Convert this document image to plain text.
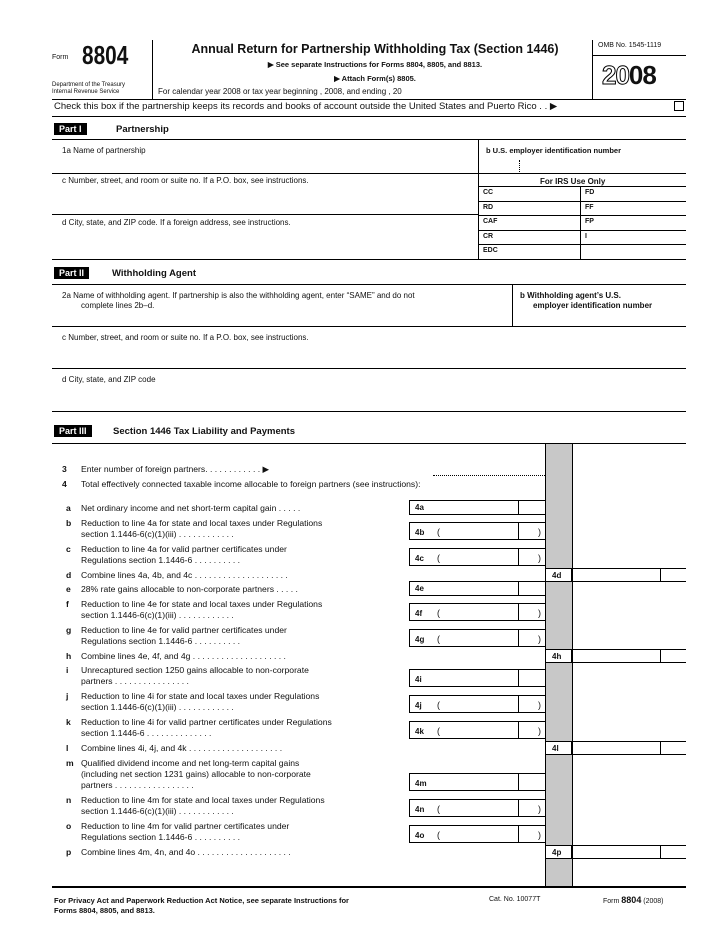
Form 8804
Department of the Treasury
Internal Revenue Service
Annual Return for Partnership Withholding Tax (Section 1446)
▶ See separate Instructions for Forms 8804, 8805, and 8813.
▶ Attach Form(s) 8805.
For calendar year 2008 or tax year beginning , 2008, and ending , 20
OMB No. 1545-1119
2008
Check this box if the partnership keeps its records and books of account outside the United States and Puerto Rico . . ▶
Part I	Partnership
1a Name of partnership	b U.S. employer identification number
c Number, street, and room or suite no. If a P.O. box, see instructions.	For IRS Use Only
d City, state, and ZIP code. If a foreign address, see instructions.
CC	FD
RD	FF
CAF	FP
CR	I
EDC
Part II	Withholding Agent
2a Name of withholding agent. If partnership is also the withholding agent, enter “SAME” and do not
complete lines 2b–d.
b Withholding agent’s U.S.
employer identification number
c Number, street, and room or suite no. If a P.O. box, see instructions.
d City, state, and ZIP code
Part III	Section 1446 Tax Liability and Payments
3 Enter number of foreign partners. . . . . . . . . . . . ▶
4 Total effectively connected taxable income allocable to foreign partners (see instructions):
a Net ordinary income and net short-term capital gain . . . . .	4a
b Reduction to line 4a for state and local taxes under Regulations
section 1.1446-6(c)(1)(iii) . . . . . . . . . . . .	4b (	)
c Reduction to line 4a for valid partner certificates under
Regulations section 1.1446-6 . . . . . . . . . .	4c (	)
d Combine lines 4a, 4b, and 4c . . . . . . . . . . . . . . . . . . . .	4d
e 28% rate gains allocable to non-corporate partners . . . . .	4e
f Reduction to line 4e for state and local taxes under Regulations
section 1.1446-6(c)(1)(iii) . . . . . . . . . . . .	4f (	)
g Reduction to line 4e for valid partner certificates under
Regulations section 1.1446-6 . . . . . . . . . .	4g (	)
h Combine lines 4e, 4f, and 4g . . . . . . . . . . . . . . . . . . . .	4h
i Unrecaptured section 1250 gains allocable to non-corporate
partners . . . . . . . . . . . . . . . .	4i
j Reduction to line 4i for state and local taxes under Regulations
section 1.1446-6(c)(1)(iii) . . . . . . . . . . . .	4j (	)
k Reduction to line 4i for valid partner certificates under Regulations
section 1.1446-6 . . . . . . . . . . . . . .	4k (	)
l Combine lines 4i, 4j, and 4k . . . . . . . . . . . . . . . . . . . .	4l
m Qualified dividend income and net long-term capital gains
(including net section 1231 gains) allocable to non-corporate
partners . . . . . . . . . . . . . . . . .	4m
n Reduction to line 4m for state and local taxes under Regulations
section 1.1446-6(c)(1)(iii) . . . . . . . . . . . .	4n (	)
o Reduction to line 4m for valid partner certificates under
Regulations section 1.1446-6 . . . . . . . . . .	4o (	)
p Combine lines 4m, 4n, and 4o . . . . . . . . . . . . . . . . . . . .	4p
For Privacy Act and Paperwork Reduction Act Notice, see separate Instructions for
Forms 8804, 8805, and 8813.
Cat. No. 10077T	Form 8804 (2008)
